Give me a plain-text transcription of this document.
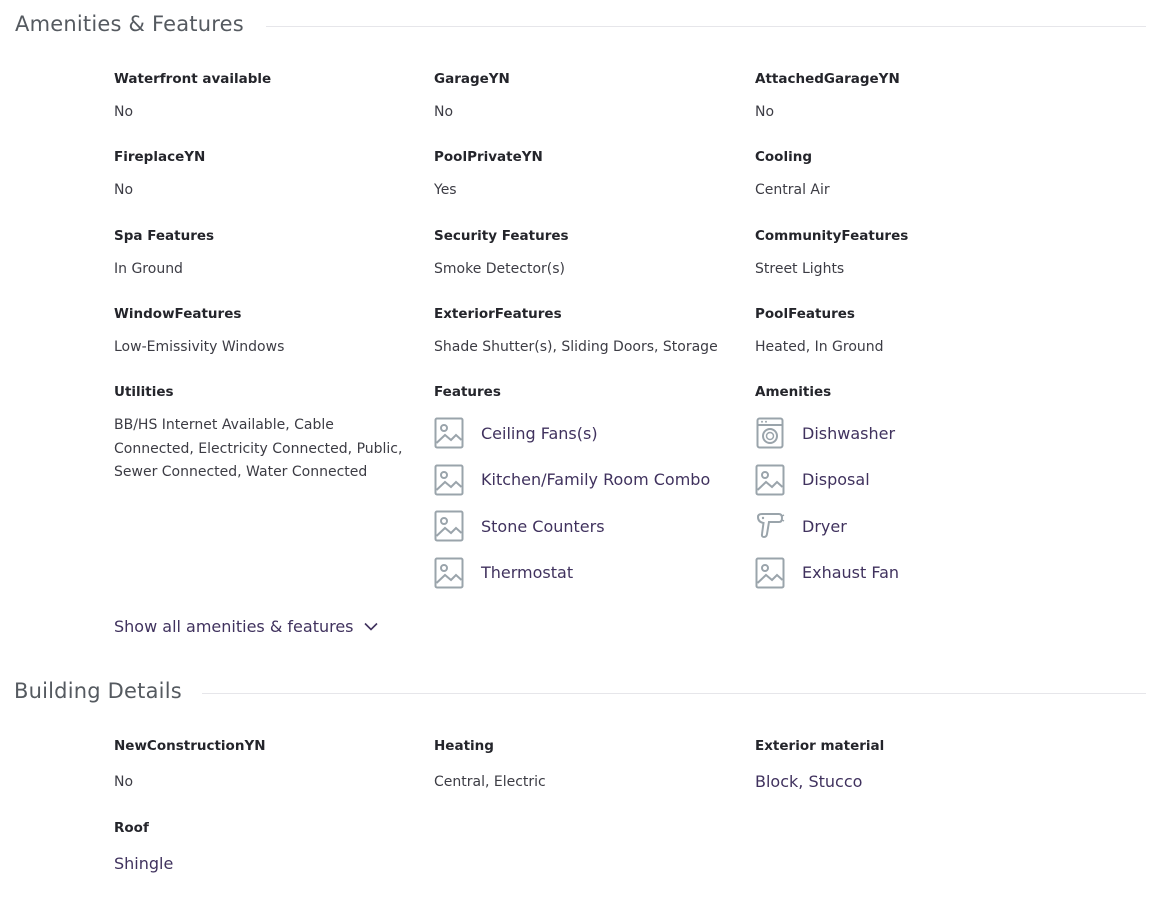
Amenities & Features
Waterfront available
No
GarageYN
No
AttachedGarageYN
No
FireplaceYN
No
PoolPrivateYN
Yes
Cooling
Central Air
Spa Features
In Ground
Security Features
Smoke Detector(s)
CommunityFeatures
Street Lights
WindowFeatures
Low-Emissivity Windows
ExteriorFeatures
Shade Shutter(s), Sliding Doors, Storage
PoolFeatures
Heated, In Ground
Utilities
BB/HS Internet Available, Cable Connected, Electricity Connected, Public, Sewer Connected, Water Connected
Features
Ceiling Fans(s)
Kitchen/Family Room Combo
Stone Counters
Thermostat
Amenities
Dishwasher
Disposal
Dryer
Exhaust Fan
Show all amenities & features
Building Details
NewConstructionYN
No
Heating
Central, Electric
Exterior material
Block, Stucco
Roof
Shingle
